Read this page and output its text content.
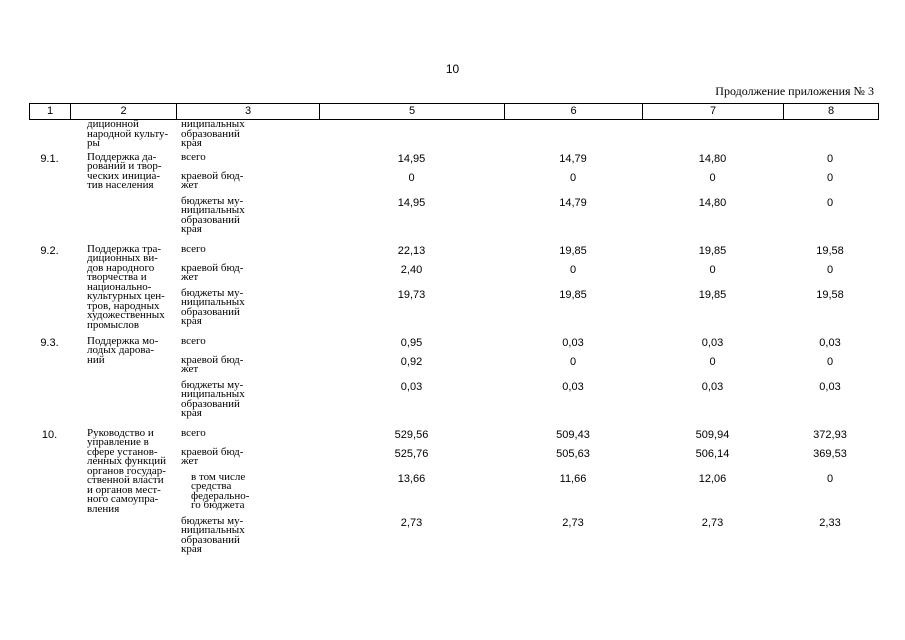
10
Продолжение приложения № 3
1	2	3	5	6	7	8
диционной
народной культу-
ры
ниципальных
образований
края
9.1.	Поддержка да-
рований и твор-
ческих инициа-
тив населения
всего	14,95	14,79	14,80	0
краевой бюд-
жет
0	0	0	0
бюджеты му-
ниципальных
образований
края
14,95	14,79	14,80	0
9.2.	Поддержка тра-
диционных ви-
дов народного
творчества и
национально-
культурных цен-
тров, народных
художественных
промыслов
всего	22,13	19,85	19,85	19,58
краевой бюд-
жет
2,40	0	0	0
бюджеты му-
ниципальных
образований
края
19,73	19,85	19,85	19,58
9.3.	Поддержка мо-
лодых дарова-
ний
всего	0,95	0,03	0,03	0,03
краевой бюд-
жет
0,92	0	0	0
бюджеты му-
ниципальных
образований
края
0,03	0,03	0,03	0,03
10.	Руководство и
управление в
сфере установ-
ленных функций
органов государ-
ственной власти
и органов мест-
ного самоупра-
вления
всего	529,56	509,43	509,94	372,93
краевой бюд-
жет
525,76	505,63	506,14	369,53
в том числе
средства
федерально-
го бюджета
13,66	11,66	12,06	0
бюджеты му-
ниципальных
образований
края
2,73	2,73	2,73	2,33
